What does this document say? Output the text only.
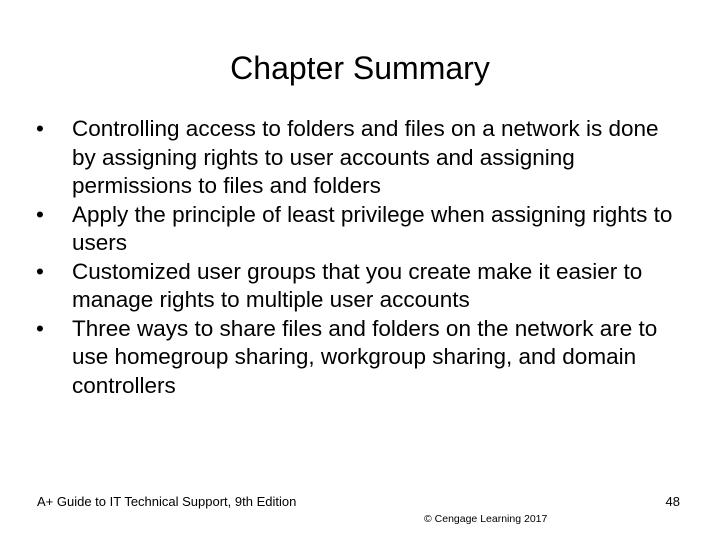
Chapter Summary
•	Controlling access to folders and files on a network is done by assigning rights to user accounts and assigning permissions to files and folders
•	Apply the principle of least privilege when assigning rights to users
•	Customized user groups that you create make it easier to manage rights to multiple user accounts
•	Three ways to share files and folders on the network are to use homegroup sharing, workgroup sharing, and domain controllers
A+ Guide to IT Technical Support, 9th Edition
© Cengage Learning 2017
48
